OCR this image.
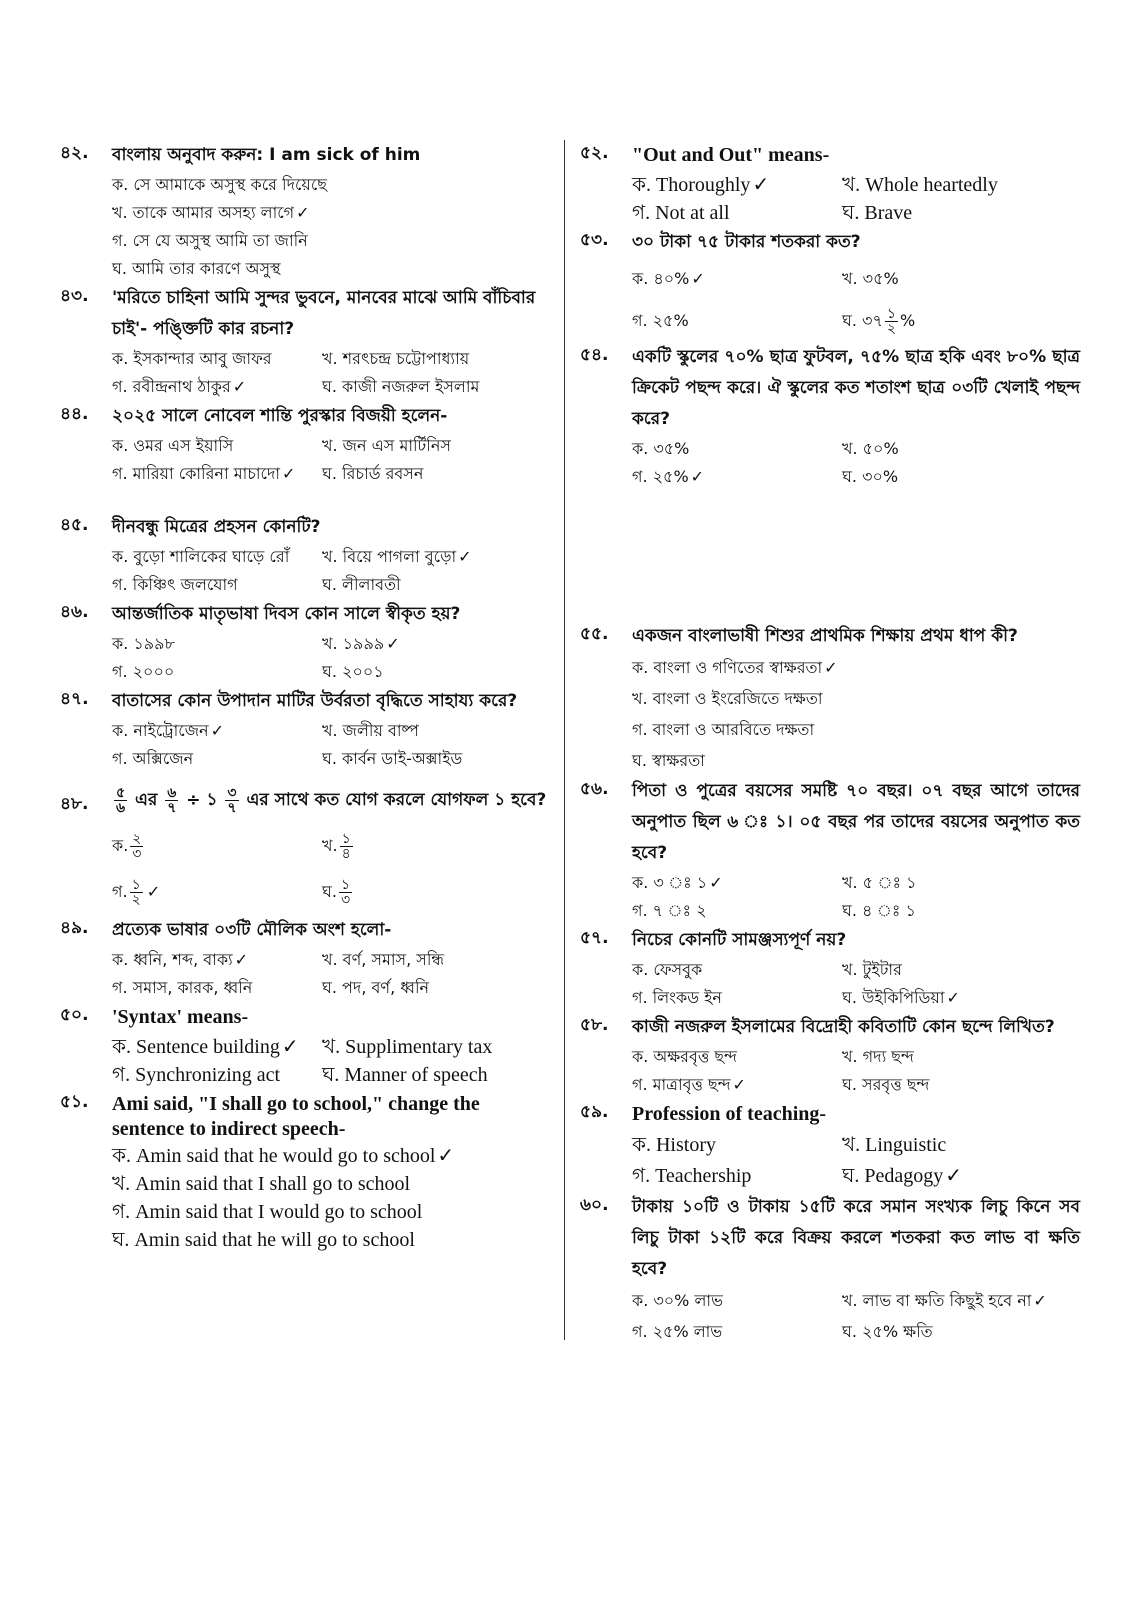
৪২. বাংলায় অনুবাদ করুন: I am sick of him
ক. সে আমাকে অসুস্থ করে দিয়েছে
খ. তাকে আমার অসহ্য লাগে ✓
গ. সে যে অসুস্থ আমি তা জানি
ঘ. আমি তার কারণে অসুস্থ
৪৩. 'মরিতে চাহিনা আমি সুন্দর ভুবনে, মানবের মাঝে আমি বাঁচিবার চাই'- পঙ্ক্তিটি কার রচনা?
ক. ইসকান্দার আবু জাফর	খ. শরৎচন্দ্র চট্টোপাধ্যায়
গ. রবীন্দ্রনাথ ঠাকুর ✓	ঘ. কাজী নজরুল ইসলাম
৪৪. ২০২৫ সালে নোবেল শান্তি পুরস্কার বিজয়ী হলেন-
ক. ওমর এস ইয়াসি	খ. জন এস মার্টিনিস
গ. মারিয়া কোরিনা মাচাদো ✓	ঘ. রিচার্ড রবসন
৪৫. দীনবন্ধু মিত্রের প্রহসন কোনটি?
ক. বুড়ো শালিকের ঘাড়ে রোঁ	খ. বিয়ে পাগলা বুড়ো ✓
গ. কিঞ্চিৎ জলযোগ	ঘ. লীলাবতী
৪৬. আন্তর্জাতিক মাতৃভাষা দিবস কোন সালে স্বীকৃত হয়?
ক. ১৯৯৮	খ. ১৯৯৯ ✓
গ. ২০০০	ঘ. ২০০১
৪৭. বাতাসের কোন উপাদান মাটির উর্বরতা বৃদ্ধিতে সাহায্য করে?
ক. নাইট্রোজেন ✓	খ. জলীয় বাষ্প
গ. অক্সিজেন	ঘ. কার্বন ডাই-অক্সাইড
৪৮. $\frac{৫}{৬}$ এর $\frac{৬}{৭}$ ÷ ১ $\frac{৩}{৭}$ এর সাথে কত যোগ করলে যোগফল ১ হবে?
ক. $\frac{২}{৩}$	খ. $\frac{১}{৪}$
গ. $\frac{১}{২}$ ✓	ঘ. $\frac{১}{৩}$
৪৯. প্রত্যেক ভাষার ০৩টি মৌলিক অংশ হলো-
ক. ধ্বনি, শব্দ, বাক্য ✓	খ. বর্ণ, সমাস, সন্ধি
গ. সমাস, কারক, ধ্বনি	ঘ. পদ, বর্ণ, ধ্বনি
৫০. 'Syntax' means-
ক. Sentence building ✓	খ. Supplimentary tax
গ. Synchronizing act	ঘ. Manner of speech
৫১. Ami said, "I shall go to school," change the sentence to indirect speech-
ক. Amin said that he would go to school ✓
খ. Amin said that I shall go to school
গ. Amin said that I would go to school
ঘ. Amin said that he will go to school
৫২. "Out and Out" means-
ক. Thoroughly ✓	খ. Whole heartedly
গ. Not at all	ঘ. Brave
৫৩. ৩০ টাকা ৭৫ টাকার শতকরা কত?
ক. ৪০% ✓	খ. ৩৫%
গ. ২৫%	ঘ. ৩৭ $\frac{১}{২}$ %
৫৪. একটি স্কুলের ৭০% ছাত্র ফুটবল, ৭৫% ছাত্র হকি এবং ৮০% ছাত্র ক্রিকেট পছন্দ করে। ঐ স্কুলের কত শতাংশ ছাত্র ০৩টি খেলাই পছন্দ করে?
ক. ৩৫%	খ. ৫০%
গ. ২৫% ✓	ঘ. ৩০%
৫৫. একজন বাংলাভাষী শিশুর প্রাথমিক শিক্ষায় প্রথম ধাপ কী?
ক. বাংলা ও গণিতের স্বাক্ষরতা ✓
খ. বাংলা ও ইংরেজিতে দক্ষতা
গ. বাংলা ও আরবিতে দক্ষতা
ঘ. স্বাক্ষরতা
৫৬. পিতা ও পুত্রের বয়সের সমষ্টি ৭০ বছর। ০৭ বছর আগে তাদের অনুপাত ছিল ৬ ঃ ১। ০৫ বছর পর তাদের বয়সের অনুপাত কত হবে?
ক. ৩ ঃ ১ ✓	খ. ৫ ঃ ১
গ. ৭ ঃ ২	ঘ. ৪ ঃ ১
৫৭. নিচের কোনটি সামঞ্জস্যপূর্ণ নয়?
ক. ফেসবুক	খ. টুইটার
গ. লিংকড ইন	ঘ. উইকিপিডিয়া ✓
৫৮. কাজী নজরুল ইসলামের বিদ্রোহী কবিতাটি কোন ছন্দে লিখিত?
ক. অক্ষরবৃত্ত ছন্দ	খ. গদ্য ছন্দ
গ. মাত্রাবৃত্ত ছন্দ ✓	ঘ. সরবৃত্ত ছন্দ
৫৯. Profession of teaching-
ক. History	খ. Linguistic
গ. Teachership	ঘ. Pedagogy ✓
৬০. টাকায় ১০টি ও টাকায় ১৫টি করে সমান সংখ্যক লিচু কিনে সব লিচু টাকা ১২টি করে বিক্রয় করলে শতকরা কত লাভ বা ক্ষতি হবে?
ক. ৩০% লাভ	খ. লাভ বা ক্ষতি কিছুই হবে না ✓
গ. ২৫% লাভ	ঘ. ২৫% ক্ষতি
